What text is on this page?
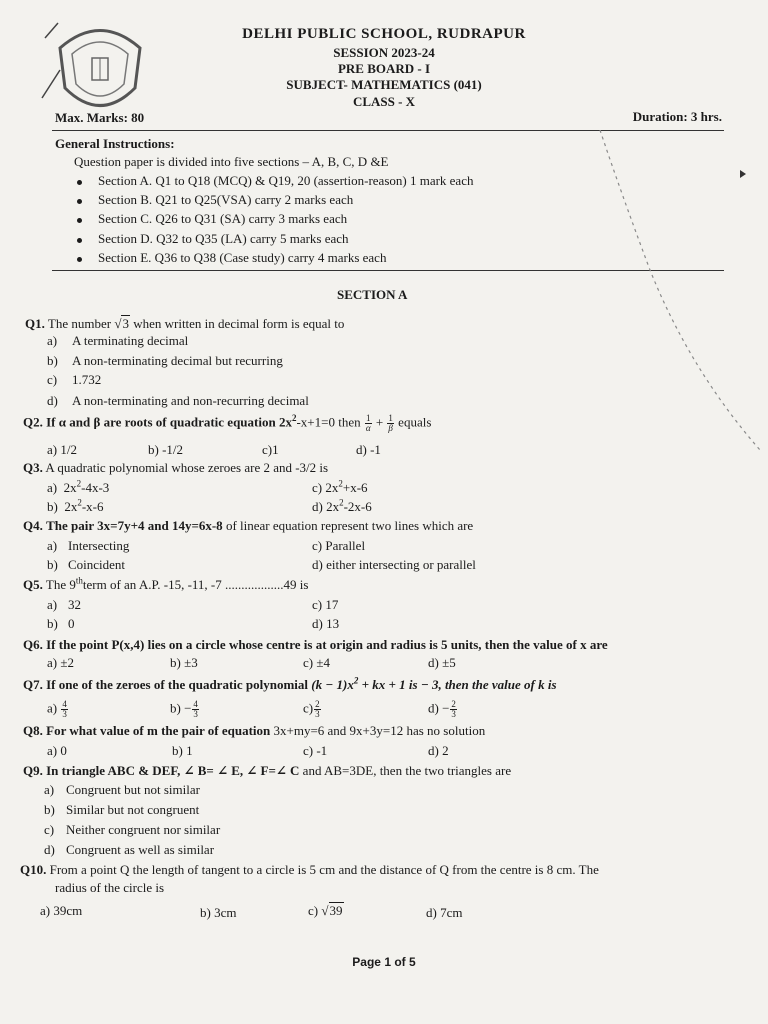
DELHI PUBLIC SCHOOL, RUDRAPUR
SESSION 2023-24
PRE BOARD - I
SUBJECT- MATHEMATICS (041)
CLASS - X
Max. Marks: 80	Duration: 3 hrs.
General Instructions:
Question paper is divided into five sections – A, B, C, D &E
Section A. Q1 to Q18 (MCQ) & Q19, 20 (assertion-reason) 1 mark each
Section B. Q21 to Q25(VSA) carry 2 marks each
Section C. Q26 to Q31 (SA) carry 3 marks each
Section D. Q32 to Q35 (LA) carry 5 marks each
Section E. Q36 to Q38 (Case study) carry 4 marks each
SECTION A
Q1. The number √3 when written in decimal form is equal to
a) A terminating decimal
b) A non-terminating decimal but recurring
c) 1.732
d) A non-terminating and non-recurring decimal
Q2. If α and β are roots of quadratic equation $2x^2-x+1=0$ then $\frac{1}{\alpha} + \frac{1}{\beta}$ equals
a) 1/2	b) -1/2	c)1	d) -1
Q3. A quadratic polynomial whose zeroes are 2 and -3/2 is
a) $2x^2-4x-3$
b) $2x^2-x-6$
c) $2x^2+x-6$
d) $2x^2-2x-6$
Q4. The pair 3x=7y+4 and 14y=6x-8 of linear equation represent two lines which are
a) Intersecting
b) Coincident
c) Parallel
d) either intersecting or parallel
Q5. The 9thterm of an A.P. -15, -11, -7 ..................49 is
a) 32
b) 0
c) 17
d) 13
Q6. If the point P(x,4) lies on a circle whose centre is at origin and radius is 5 units, then the value of x are
a) ±2	b) ±3	c) ±4	d) ±5
Q7. If one of the zeroes of the quadratic polynomial $(k - 1)x^2$ + kx + 1 is − 3, then the value of k is
$a) \frac{4}{3}$	$b) - \frac{4}{3}$	$c) \frac{2}{3}$	$d) - \frac{2}{3}$
Q8. For what value of m the pair of equation 3x+my=6 and 9x+3y=12 has no solution
a) 0	b) 1	c) -1	d) 2
Q9. In triangle ABC & DEF, ∠ B= ∠ E, ∠ F=∠ C and AB=3DE, then the two triangles are
a) Congruent but not similar
b) Similar but not congruent
c) Neither congruent nor similar
d) Congruent as well as similar
Q10. From a point Q the length of tangent to a circle is 5 cm and the distance of Q from the centre is 8 cm. The
radius of the circle is
a) 39cm	b) 3cm	c) √39	d) 7cm
Page 1 of 5
